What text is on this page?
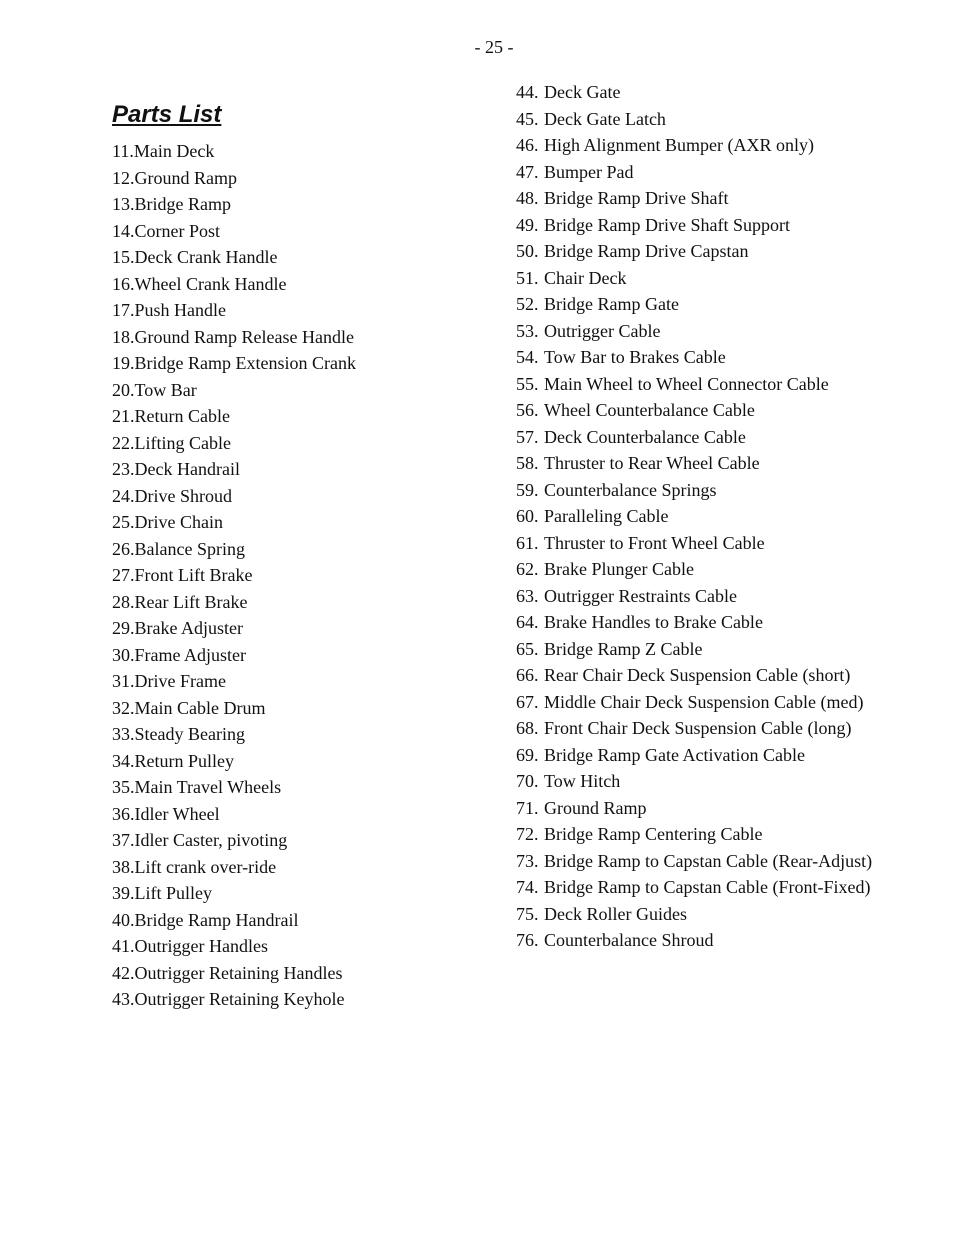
- 25 -
Parts List
11.Main Deck
12.Ground Ramp
13.Bridge Ramp
14.Corner Post
15.Deck Crank Handle
16.Wheel Crank Handle
17.Push Handle
18.Ground Ramp Release Handle
19.Bridge Ramp Extension Crank
20.Tow Bar
21.Return Cable
22.Lifting Cable
23.Deck Handrail
24.Drive Shroud
25.Drive Chain
26.Balance Spring
27.Front Lift Brake
28.Rear Lift Brake
29.Brake Adjuster
30.Frame Adjuster
31.Drive Frame
32.Main Cable Drum
33.Steady Bearing
34.Return Pulley
35.Main Travel Wheels
36.Idler Wheel
37.Idler Caster, pivoting
38.Lift crank over-ride
39.Lift Pulley
40.Bridge Ramp Handrail
41.Outrigger Handles
42.Outrigger Retaining Handles
43.Outrigger Retaining Keyhole
44. Deck Gate
45. Deck Gate Latch
46. High Alignment Bumper (AXR only)
47. Bumper Pad
48. Bridge Ramp Drive Shaft
49. Bridge Ramp Drive Shaft Support
50. Bridge Ramp Drive Capstan
51. Chair Deck
52. Bridge Ramp Gate
53. Outrigger Cable
54. Tow Bar to Brakes Cable
55. Main Wheel to Wheel Connector Cable
56. Wheel Counterbalance Cable
57. Deck Counterbalance Cable
58. Thruster to Rear Wheel Cable
59. Counterbalance Springs
60. Paralleling Cable
61. Thruster to Front Wheel Cable
62. Brake Plunger Cable
63. Outrigger Restraints Cable
64. Brake Handles to Brake Cable
65. Bridge Ramp Z Cable
66. Rear Chair Deck Suspension Cable (short)
67. Middle Chair Deck Suspension Cable (med)
68. Front Chair Deck Suspension Cable (long)
69. Bridge Ramp Gate Activation Cable
70. Tow Hitch
71. Ground Ramp
72. Bridge Ramp Centering Cable
73. Bridge Ramp to Capstan Cable (Rear-Adjust)
74. Bridge Ramp to Capstan Cable (Front-Fixed)
75. Deck Roller Guides
76. Counterbalance Shroud
